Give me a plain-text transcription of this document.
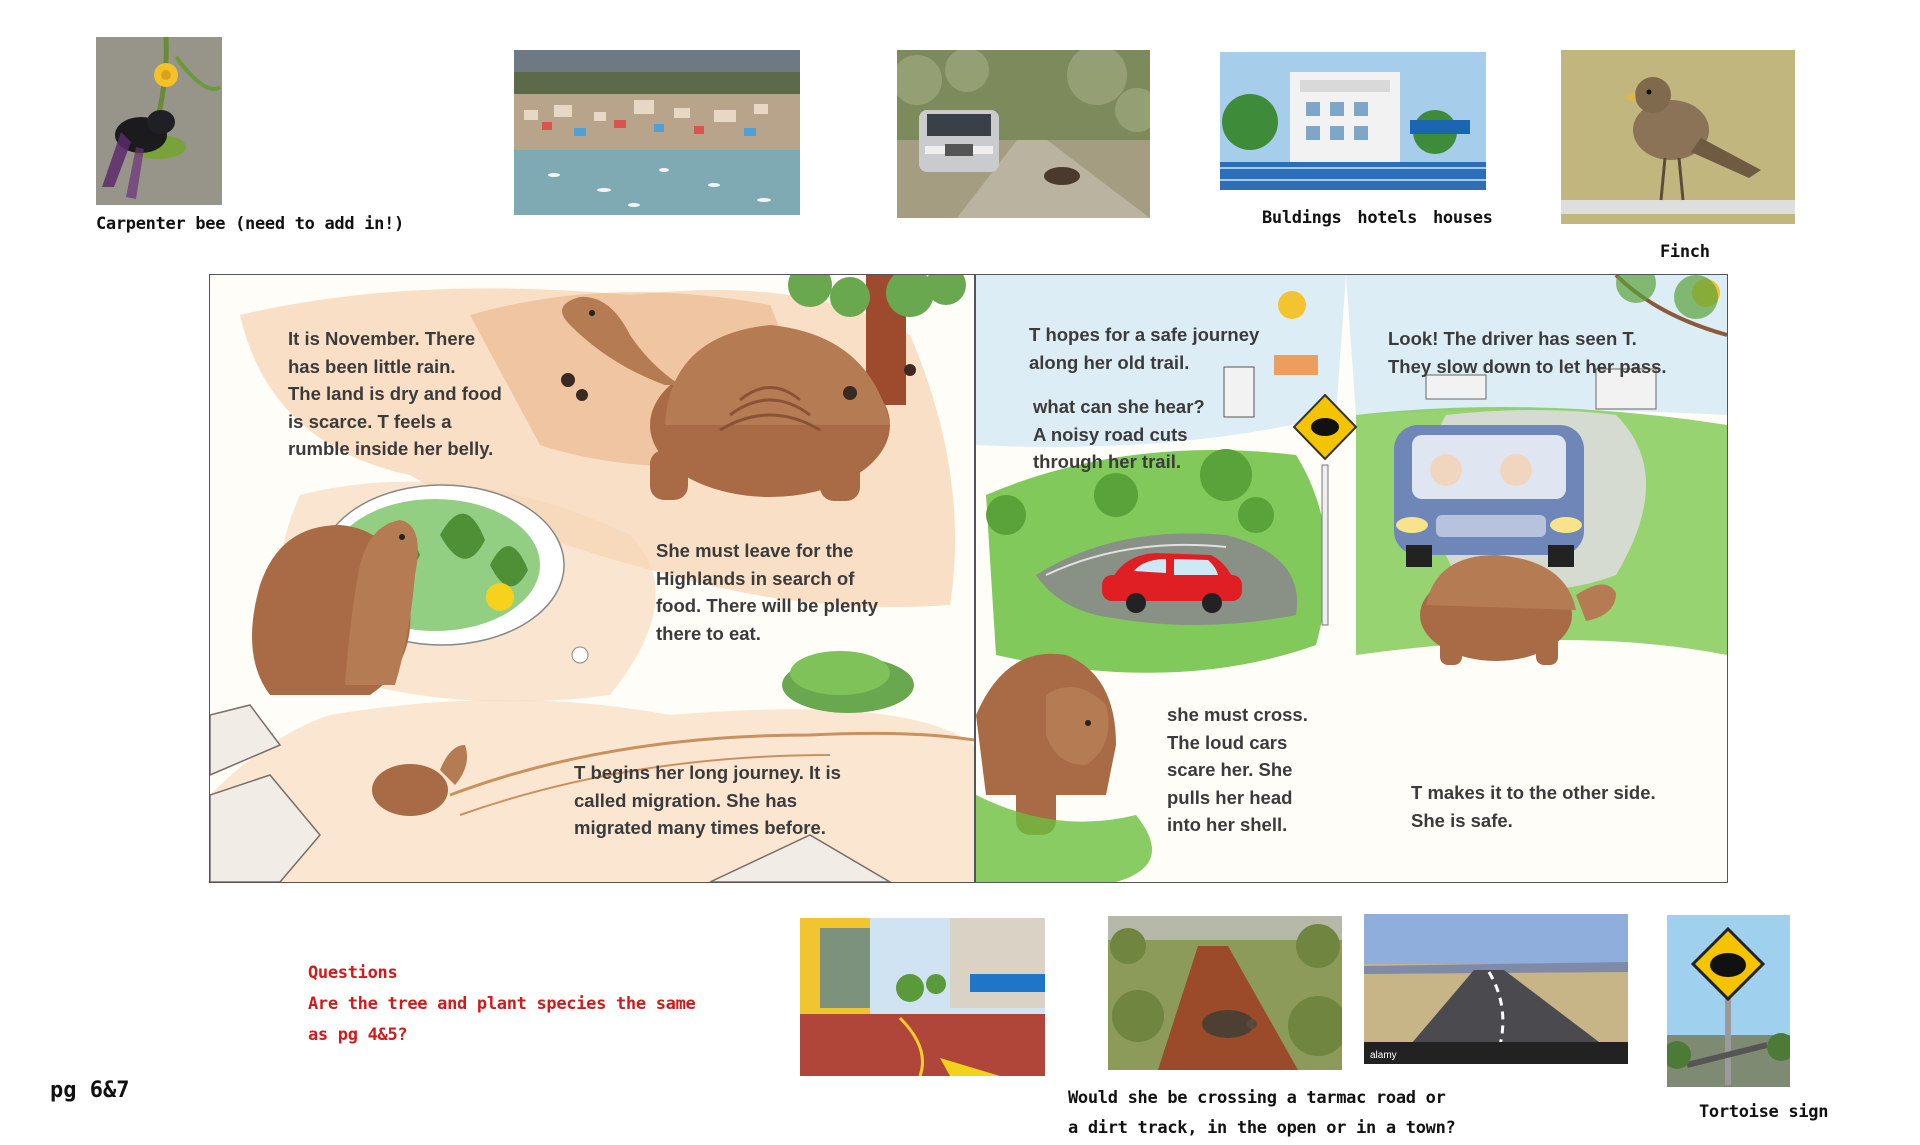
Carpenter bee (need to add in!)	Buldings hotels houses
Finch
It is November. There
has been little rain.
The land is dry and food
is scarce. T feels a
rumble inside her belly.
She must leave for the
Highlands in search of
food. There will be plenty
there to eat.
T begins her long journey. It is
called migration. She has
migrated many times before.
T hopes for a safe journey
along her old trail.
what can she hear?
A noisy road cuts
through her trail.
she must cross.
The loud cars
scare her. She
pulls her head
into her shell.
Look! The driver has seen T.
They slow down to let her pass.
T makes it to the other side.
She is safe.
Questions
Are the tree and plant species the same
as pg 4&5?
pg 6&7
alamy
Tortoise sign
Would she be crossing a tarmac road or
a dirt track, in the open or in a town?
